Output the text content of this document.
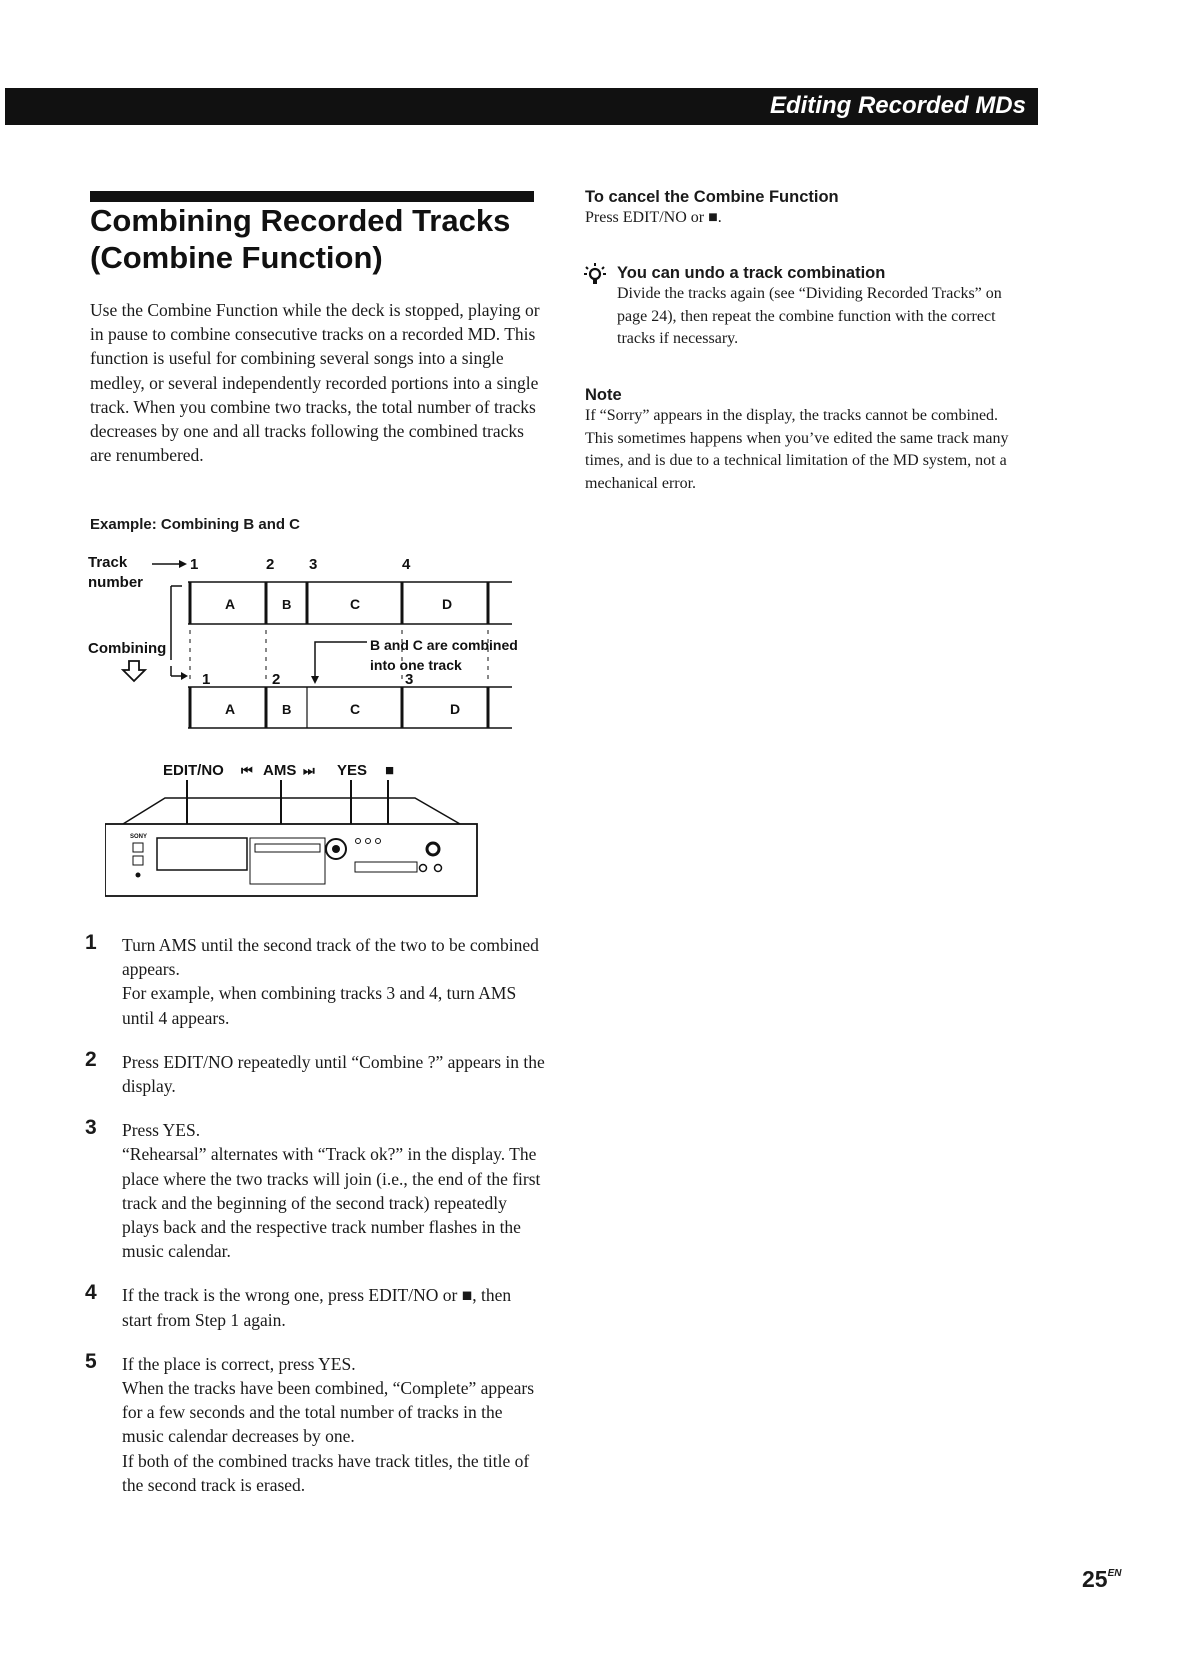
Editing Recorded MDs
Combining Recorded Tracks
(Combine Function)

Use the Combine Function while the deck is stopped, playing or in pause to combine consecutive tracks on a recorded MD. This function is useful for combining several songs into a single medley, or several independently recorded portions into a single track. When you combine two tracks, the total number of tracks decreases by one and all tracks following the combined tracks are renumbered.

Example: Combining B and C
Track
number
1	2 3	4
A	B	C	D
Combining	B and C are combined
into one track
1	2	3
A	B	C	D
EDIT/NO ⏮ AMS ⏭ YES ■
SONY
1 Turn AMS until the second track of the two to be combined appears.

For example, when combining tracks 3 and 4, turn AMS until 4 appears.

2 Press EDIT/NO repeatedly until “Combine ?” appears in the display.

3 Press YES.

“Rehearsal” alternates with “Track ok?” in the display. The place where the two tracks will join (i.e., the end of the first track and the beginning of the second track) repeatedly plays back and the respective track number flashes in the music calendar.

4 If the track is the wrong one, press EDIT/NO or ■, then start from Step 1 again.

5 If the place is correct, press YES.

When the tracks have been combined, “Complete” appears for a few seconds and the total number of tracks in the music calendar decreases by one.

If both of the combined tracks have track titles, the title of the second track is erased.

To cancel the Combine Function

Press EDIT/NO or ■.

You can undo a track combination

Divide the tracks again (see “Dividing Recorded Tracks” on page 24), then repeat the combine function with the correct tracks if necessary.

Note

If “Sorry” appears in the display, the tracks cannot be combined. This sometimes happens when you’ve edited the same track many times, and is due to a technical limitation of the MD system, not a mechanical error.

$25^{EN}$
